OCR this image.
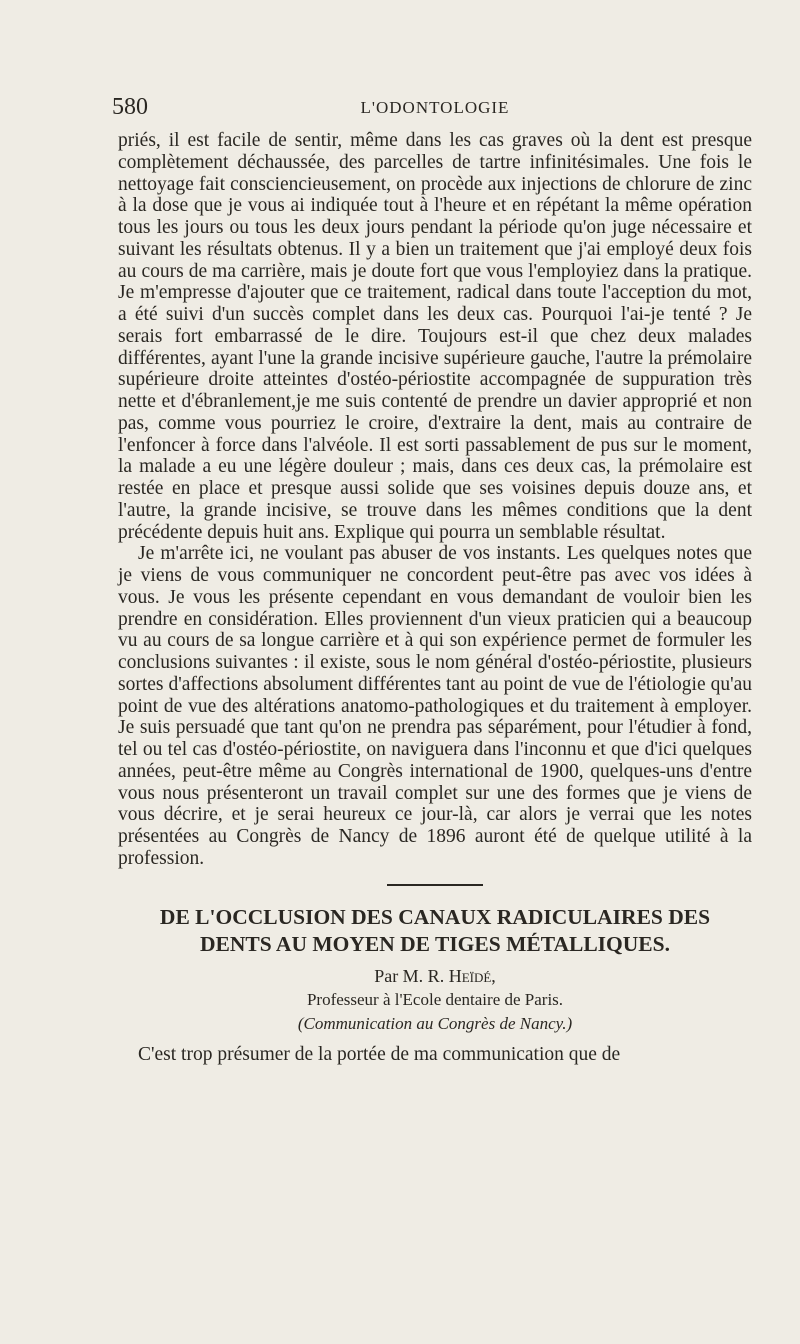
580	L'ODONTOLOGIE

priés, il est facile de sentir, même dans les cas graves où la dent est presque complètement déchaussée, des parcelles de tartre infinitésimales. Une fois le nettoyage fait consciencieusement, on procède aux injections de chlorure de zinc à la dose que je vous ai indiquée tout à l'heure et en répétant la même opération tous les jours ou tous les deux jours pendant la période qu'on juge nécessaire et suivant les résultats obtenus. Il y a bien un traitement que j'ai employé deux fois au cours de ma carrière, mais je doute fort que vous l'employiez dans la pratique. Je m'empresse d'ajouter que ce traitement, radical dans toute l'acception du mot, a été suivi d'un succès complet dans les deux cas. Pourquoi l'ai-je tenté ? Je serais fort embarrassé de le dire. Toujours est-il que chez deux malades différentes, ayant l'une la grande incisive supérieure gauche, l'autre la prémolaire supérieure droite atteintes d'ostéo-périostite accompagnée de suppuration très nette et d'ébranlement,je me suis contenté de prendre un davier approprié et non pas, comme vous pourriez le croire, d'extraire la dent, mais au contraire de l'enfoncer à force dans l'alvéole. Il est sorti passablement de pus sur le moment, la malade a eu une légère douleur ; mais, dans ces deux cas, la prémolaire est restée en place et presque aussi solide que ses voisines depuis douze ans, et l'autre, la grande incisive, se trouve dans les mêmes conditions que la dent précédente depuis huit ans. Explique qui pourra un semblable résultat.

Je m'arrête ici, ne voulant pas abuser de vos instants. Les quelques notes que je viens de vous communiquer ne concordent peut-être pas avec vos idées à vous. Je vous les présente cependant en vous demandant de vouloir bien les prendre en considération. Elles proviennent d'un vieux praticien qui a beaucoup vu au cours de sa longue carrière et à qui son expérience permet de formuler les conclusions suivantes : il existe, sous le nom général d'ostéo-périostite, plusieurs sortes d'affections absolument différentes tant au point de vue de l'étiologie qu'au point de vue des altérations anatomo-pathologiques et du traitement à employer. Je suis persuadé que tant qu'on ne prendra pas séparément, pour l'étudier à fond, tel ou tel cas d'ostéo-périostite, on naviguera dans l'inconnu et que d'ici quelques années, peut-être même au Congrès international de 1900, quelques-uns d'entre vous nous présenteront un travail complet sur une des formes que je viens de vous décrire, et je serai heureux ce jour-là, car alors je verrai que les notes présentées au Congrès de Nancy de 1896 auront été de quelque utilité à la profession.

DE L'OCCLUSION DES CANAUX RADICULAIRES DES
DENTS AU MOYEN DE TIGES MÉTALLIQUES.
Par M. R. Heïdé,
Professeur à l'Ecole dentaire de Paris.
(Communication au Congrès de Nancy.)
C'est trop présumer de la portée de ma communication que de
